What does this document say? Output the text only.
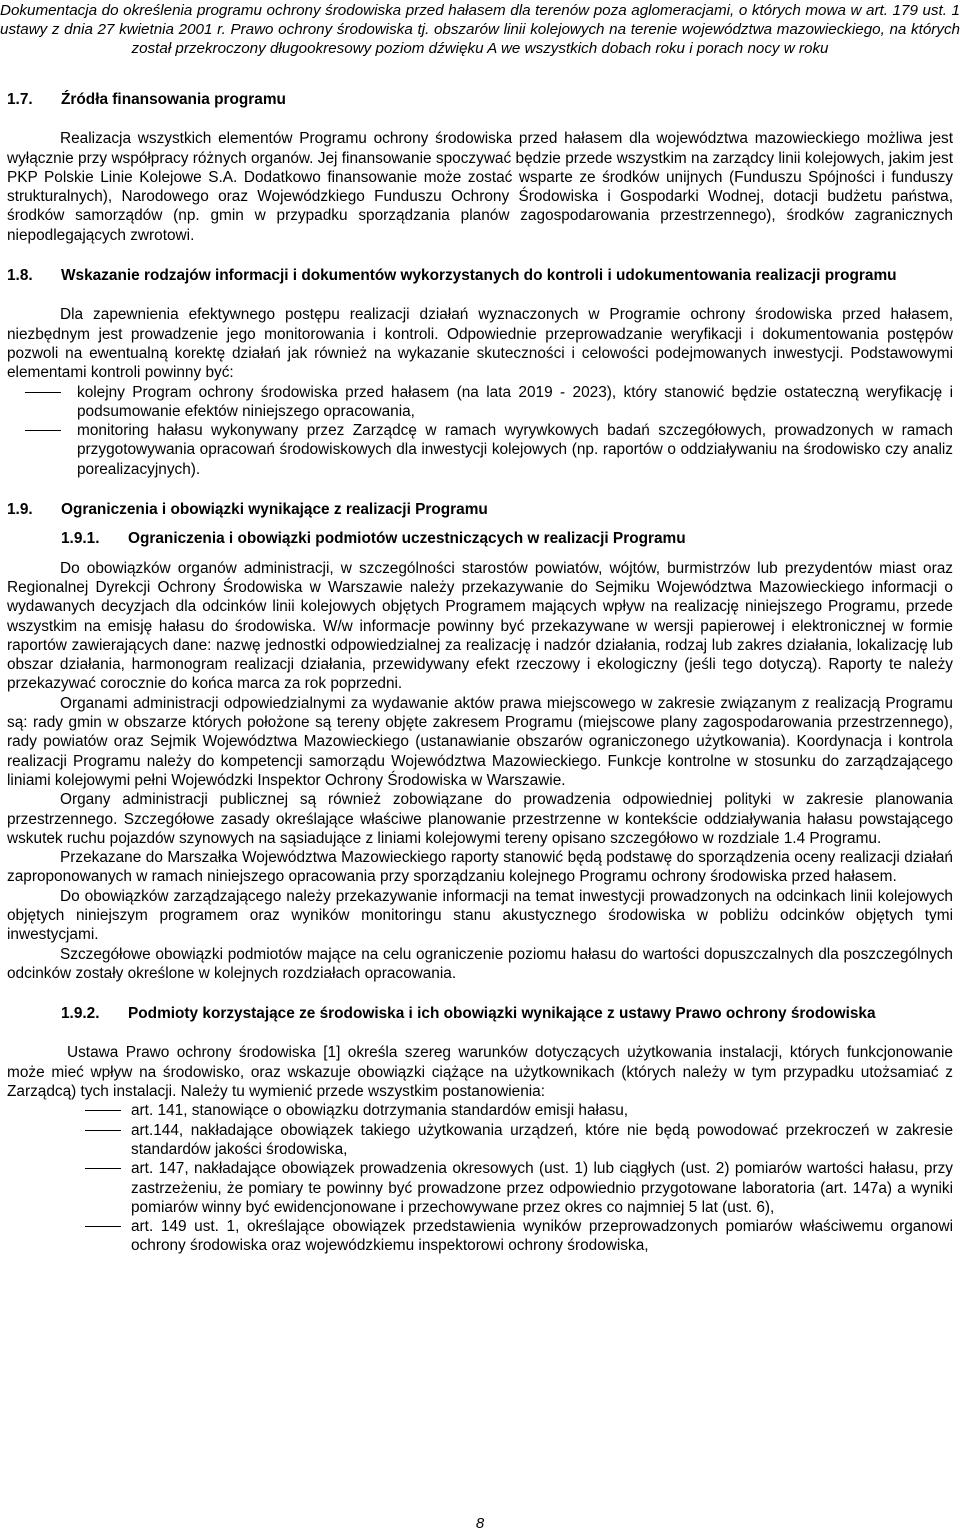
Dokumentacja do określenia programu ochrony środowiska przed hałasem dla terenów poza aglomeracjami, o których mowa w art. 179 ust. 1 ustawy z dnia 27 kwietnia 2001 r. Prawo ochrony środowiska tj. obszarów linii kolejowych na terenie województwa mazowieckiego, na których został przekroczony długookresowy poziom dźwięku A we wszystkich dobach roku i porach nocy w roku
1.7.	Źródła finansowania programu

Realizacja wszystkich elementów Programu ochrony środowiska przed hałasem dla województwa mazowieckiego możliwa jest wyłącznie przy współpracy różnych organów. Jej finansowanie spoczywać będzie przede wszystkim na zarządcy linii kolejowych, jakim jest PKP Polskie Linie Kolejowe S.A. Dodatkowo finansowanie może zostać wsparte ze środków unijnych (Funduszu Spójności i funduszy strukturalnych), Narodowego oraz Wojewódzkiego Funduszu Ochrony Środowiska i Gospodarki Wodnej, dotacji budżetu państwa, środków samorządów (np. gmin w przypadku sporządzania planów zagospodarowania przestrzennego), środków zagranicznych niepodlegających zwrotowi.

1.8.	Wskazanie rodzajów informacji i dokumentów wykorzystanych do kontroli i udokumentowania realizacji programu

Dla zapewnienia efektywnego postępu realizacji działań wyznaczonych w Programie ochrony środowiska przed hałasem, niezbędnym jest prowadzenie jego monitorowania i kontroli. Odpowiednie przeprowadzanie weryfikacji i dokumentowania postępów pozwoli na ewentualną korektę działań jak również na wykazanie skuteczności i celowości podejmowanych inwestycji. Podstawowymi elementami kontroli powinny być:

kolejny Program ochrony środowiska przed hałasem (na lata 2019 - 2023), który stanowić będzie ostateczną weryfikację i podsumowanie efektów niniejszego opracowania,
monitoring hałasu wykonywany przez Zarządcę w ramach wyrywkowych badań szczegółowych, prowadzonych w ramach przygotowywania opracowań środowiskowych dla inwestycji kolejowych (np. raportów o oddziaływaniu na środowisko czy analiz porealizacyjnych).
1.9.	Ograniczenia i obowiązki wynikające z realizacji Programu
1.9.1.	Ograniczenia i obowiązki podmiotów uczestniczących w realizacji Programu

Do obowiązków organów administracji, w szczególności starostów powiatów, wójtów, burmistrzów lub prezydentów miast oraz Regionalnej Dyrekcji Ochrony Środowiska w Warszawie należy przekazywanie do Sejmiku Województwa Mazowieckiego informacji o wydawanych decyzjach dla odcinków linii kolejowych objętych Programem mających wpływ na realizację niniejszego Programu, przede wszystkim na emisję hałasu do środowiska. W/w informacje powinny być przekazywane w wersji papierowej i elektronicznej w formie raportów zawierających dane: nazwę jednostki odpowiedzialnej za realizację i nadzór działania, rodzaj lub zakres działania, lokalizację lub obszar działania, harmonogram realizacji działania, przewidywany efekt rzeczowy i ekologiczny (jeśli tego dotyczą). Raporty te należy przekazywać corocznie do końca marca za rok poprzedni.

Organami administracji odpowiedzialnymi za wydawanie aktów prawa miejscowego w zakresie związanym z realizacją Programu są: rady gmin w obszarze których położone są tereny objęte zakresem Programu (miejscowe plany zagospodarowania przestrzennego), rady powiatów oraz Sejmik Województwa Mazowieckiego (ustanawianie obszarów ograniczonego użytkowania). Koordynacja i kontrola realizacji Programu należy do kompetencji samorządu Województwa Mazowieckiego. Funkcje kontrolne w stosunku do zarządzającego liniami kolejowymi pełni Wojewódzki Inspektor Ochrony Środowiska w Warszawie.

Organy administracji publicznej są również zobowiązane do prowadzenia odpowiedniej polityki w zakresie planowania przestrzennego. Szczegółowe zasady określające właściwe planowanie przestrzenne w kontekście oddziaływania hałasu powstającego wskutek ruchu pojazdów szynowych na sąsiadujące z liniami kolejowymi tereny opisano szczegółowo w rozdziale 1.4 Programu.

Przekazane do Marszałka Województwa Mazowieckiego raporty stanowić będą podstawę do sporządzenia oceny realizacji działań zaproponowanych w ramach niniejszego opracowania przy sporządzaniu kolejnego Programu ochrony środowiska przed hałasem.

Do obowiązków zarządzającego należy przekazywanie informacji na temat inwestycji prowadzonych na odcinkach linii kolejowych objętych niniejszym programem oraz wyników monitoringu stanu akustycznego środowiska w pobliżu odcinków objętych tymi inwestycjami.

Szczegółowe obowiązki podmiotów mające na celu ograniczenie poziomu hałasu do wartości dopuszczalnych dla poszczególnych odcinków zostały określone w kolejnych rozdziałach opracowania.

1.9.2.	Podmioty korzystające ze środowiska i ich obowiązki wynikające z ustawy Prawo ochrony środowiska

Ustawa Prawo ochrony środowiska [1] określa szereg warunków dotyczących użytkowania instalacji, których funkcjonowanie może mieć wpływ na środowisko, oraz wskazuje obowiązki ciążące na użytkownikach (których należy w tym przypadku utożsamiać z Zarządcą) tych instalacji. Należy tu wymienić przede wszystkim postanowienia:

art. 141, stanowiące o obowiązku dotrzymania standardów emisji hałasu,
art.144, nakładające obowiązek takiego użytkowania urządzeń, które nie będą powodować przekroczeń w zakresie standardów jakości środowiska,
art. 147, nakładające obowiązek prowadzenia okresowych (ust. 1) lub ciągłych (ust. 2) pomiarów wartości hałasu, przy zastrzeżeniu, że pomiary te powinny być prowadzone przez odpowiednio przygotowane laboratoria (art. 147a) a wyniki pomiarów winny być ewidencjonowane i przechowywane przez okres co najmniej 5 lat (ust. 6),
art. 149 ust. 1, określające obowiązek przedstawienia wyników przeprowadzonych pomiarów właściwemu organowi ochrony środowiska oraz wojewódzkiemu inspektorowi ochrony środowiska,
8
